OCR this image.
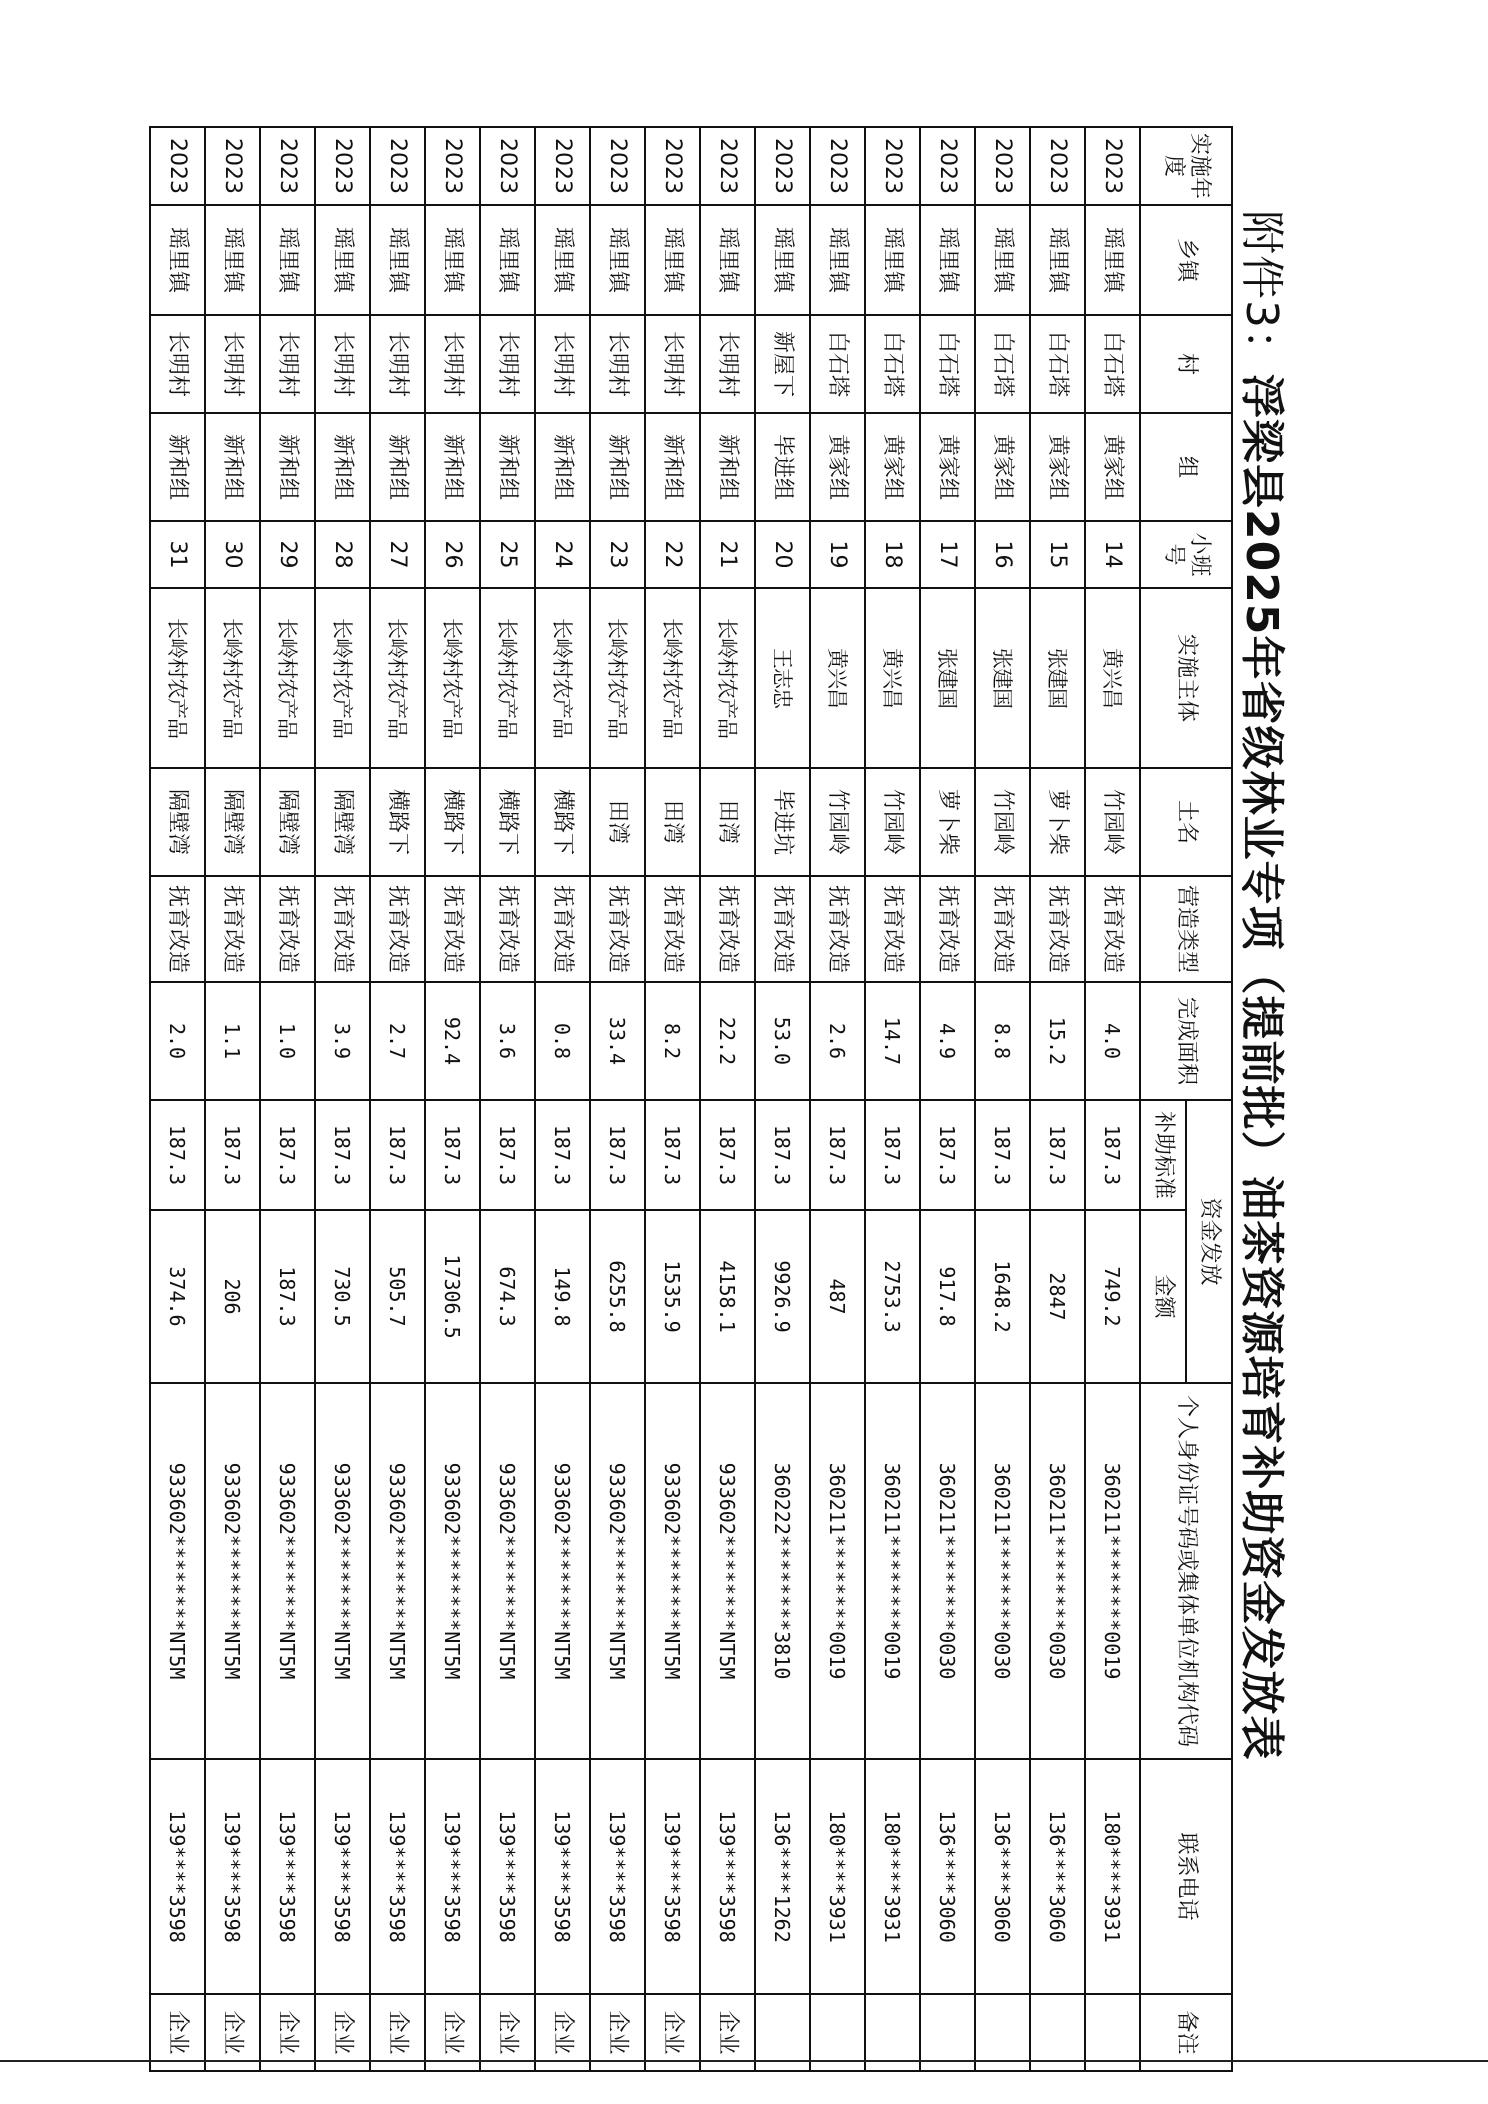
附件3：浮梁县2025年省级林业专项（提前批）油茶资源培育补助资金发放表
实施年度	乡镇	村	组	小班号	实施主体	土名	营造类型	完成面积	资金发放		个人身份证号码或集体单位机构代码	联系电话	备注
									补助标准	金额			
2023	瑶里镇	白石塔	黄家组	14	黄兴昌	竹园岭	抚育改造	4.0	187.3	749.2	360211********0019	180****3931	
2023	瑶里镇	白石塔	黄家组	15	张建国	萝卜柴	抚育改造	15.2	187.3	2847	360211********0030	136****3060	
2023	瑶里镇	白石塔	黄家组	16	张建国	竹园岭	抚育改造	8.8	187.3	1648.2	360211********0030	136****3060	
2023	瑶里镇	白石塔	黄家组	17	张建国	萝卜柴	抚育改造	4.9	187.3	917.8	360211********0030	136****3060	
2023	瑶里镇	白石塔	黄家组	18	黄兴昌	竹园岭	抚育改造	14.7	187.3	2753.3	360211********0019	180****3931	
2023	瑶里镇	白石塔	黄家组	19	黄兴昌	竹园岭	抚育改造	2.6	187.3	487	360211********0019	180****3931	
2023	瑶里镇	新屋下	毕进组	20	王志忠	毕进坑	抚育改造	53.0	187.3	9926.9	360222********3810	136****1262	
2023	瑶里镇	长明村	新和组	21	长岭村农产品	田湾	抚育改造	22.2	187.3	4158.1	933602********NT5M	139****3598	企业
2023	瑶里镇	长明村	新和组	22	长岭村农产品	田湾	抚育改造	8.2	187.3	1535.9	933602********NT5M	139****3598	企业
2023	瑶里镇	长明村	新和组	23	长岭村农产品	田湾	抚育改造	33.4	187.3	6255.8	933602********NT5M	139****3598	企业
2023	瑶里镇	长明村	新和组	24	长岭村农产品	横路下	抚育改造	0.8	187.3	149.8	933602********NT5M	139****3598	企业
2023	瑶里镇	长明村	新和组	25	长岭村农产品	横路下	抚育改造	3.6	187.3	674.3	933602********NT5M	139****3598	企业
2023	瑶里镇	长明村	新和组	26	长岭村农产品	横路下	抚育改造	92.4	187.3	17306.5	933602********NT5M	139****3598	企业
2023	瑶里镇	长明村	新和组	27	长岭村农产品	横路下	抚育改造	2.7	187.3	505.7	933602********NT5M	139****3598	企业
2023	瑶里镇	长明村	新和组	28	长岭村农产品	隔壁湾	抚育改造	3.9	187.3	730.5	933602********NT5M	139****3598	企业
2023	瑶里镇	长明村	新和组	29	长岭村农产品	隔壁湾	抚育改造	1.0	187.3	187.3	933602********NT5M	139****3598	企业
2023	瑶里镇	长明村	新和组	30	长岭村农产品	隔壁湾	抚育改造	1.1	187.3	206	933602********NT5M	139****3598	企业
2023	瑶里镇	长明村	新和组	31	长岭村农产品	隔壁湾	抚育改造	2.0	187.3	374.6	933602********NT5M	139****3598	企业
